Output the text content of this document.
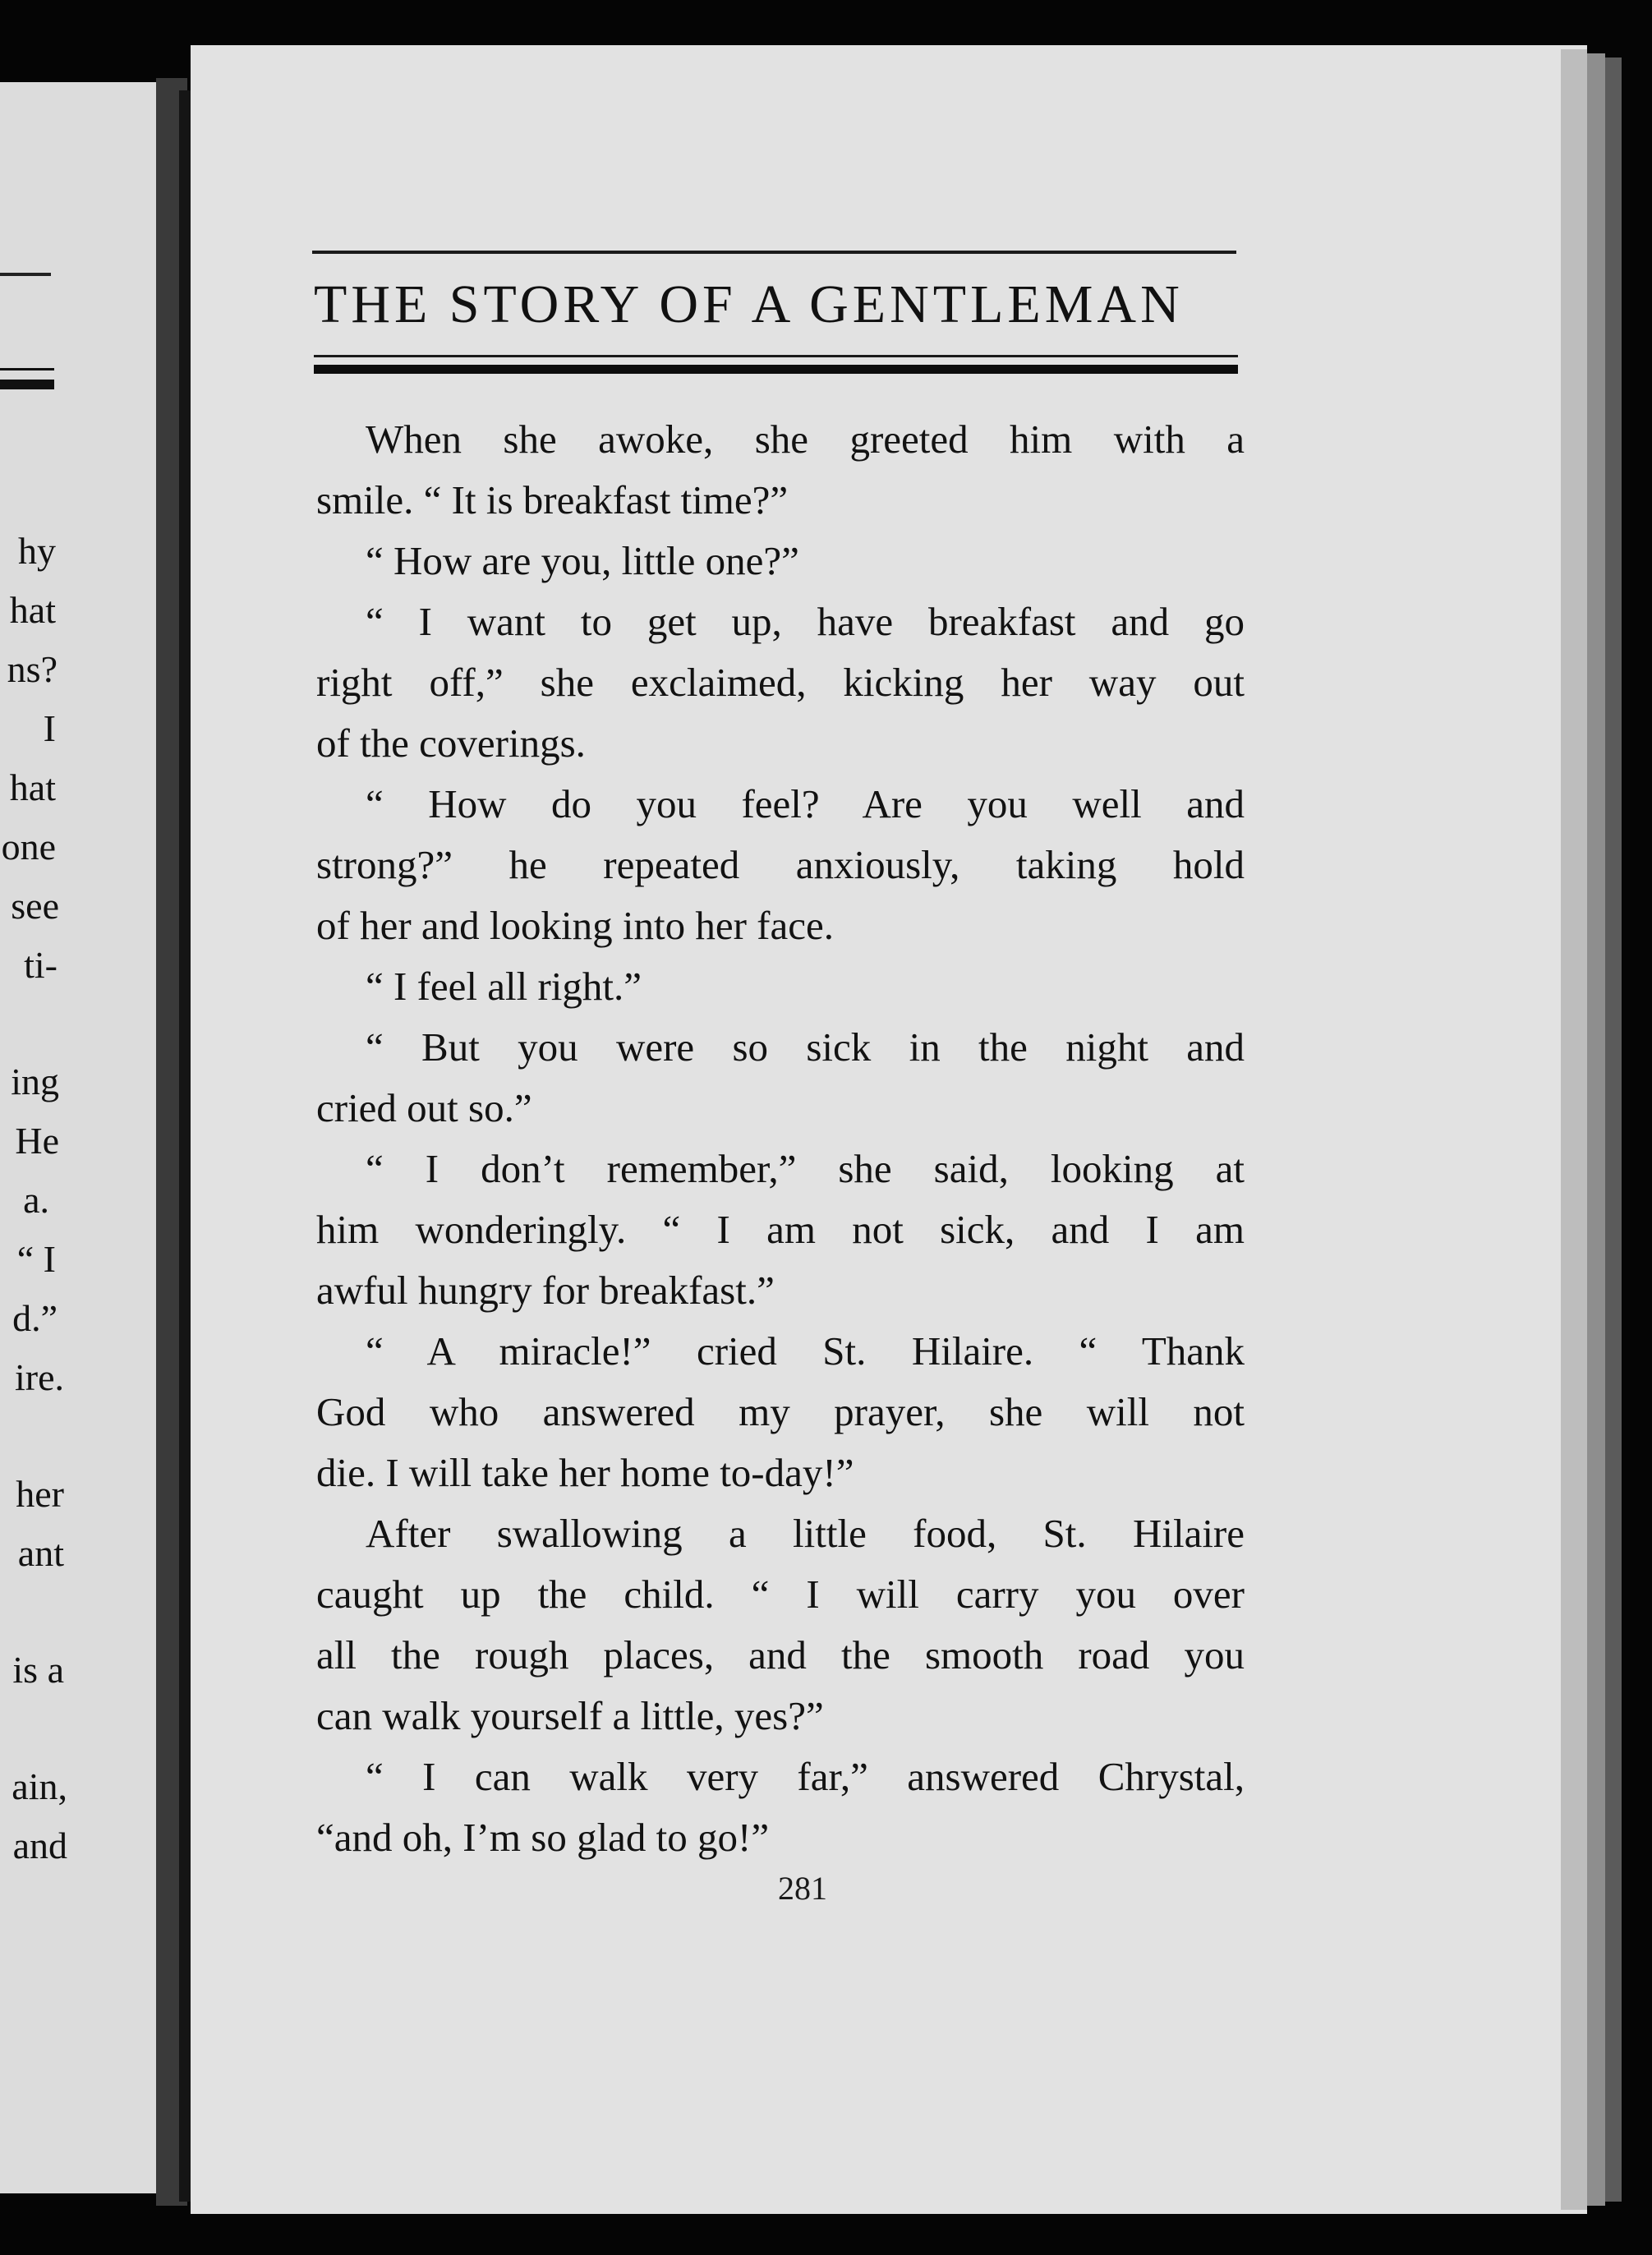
hy
hat
ns?
I
hat
one
see
ti-
ing
He
a.
“ I
d.”
ire.
her
ant
is a
ain,
and
THE STORY OF A GENTLEMAN
When she awoke, she greeted him with a
smile. “ It is breakfast time?”
“ How are you, little one?”
“ I want to get up, have breakfast and go
right off,” she exclaimed, kicking her way out
of the coverings.
“ How do you feel? Are you well and
strong?” he repeated anxiously, taking hold
of her and looking into her face.
“ I feel all right.”
“ But you were so sick in the night and
cried out so.”
“ I don’t remember,” she said, looking at
him wonderingly. “ I am not sick, and I am
awful hungry for breakfast.”
“ A miracle!” cried St. Hilaire. “ Thank
God who answered my prayer, she will not
die. I will take her home to-day!”
After swallowing a little food, St. Hilaire
caught up the child. “ I will carry you over
all the rough places, and the smooth road you
can walk yourself a little, yes?”
“ I can walk very far,” answered Chrystal,
“and oh, I’m so glad to go!”
281
